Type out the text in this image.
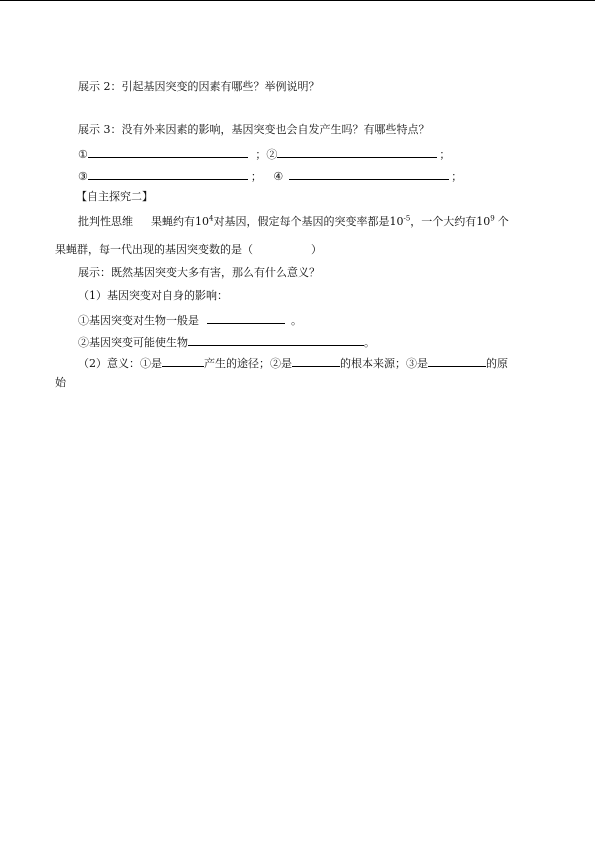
展示 2：引起基因突变的因素有哪些？举例说明？
展示 3：没有外来因素的影响，基因突变也会自发产生吗？有哪些特点？
①	；②	；
③	； ④	；
【自主探究二】
批判性思维 果蝇约有$10^4$对基因，假定每个基因的突变率都是$10^{-5}$，一个大约有$10^9$ 个
果蝇群，每一代出现的基因突变数的是（	）
展示：既然基因突变大多有害，那么有什么意义？
（1）基因突变对自身的影响：
①基因突变对生物一般是	。
②基因突变可能使生物	。
（2）意义：①是	产生的途径；②是	的根本来源；③是	的原
始
